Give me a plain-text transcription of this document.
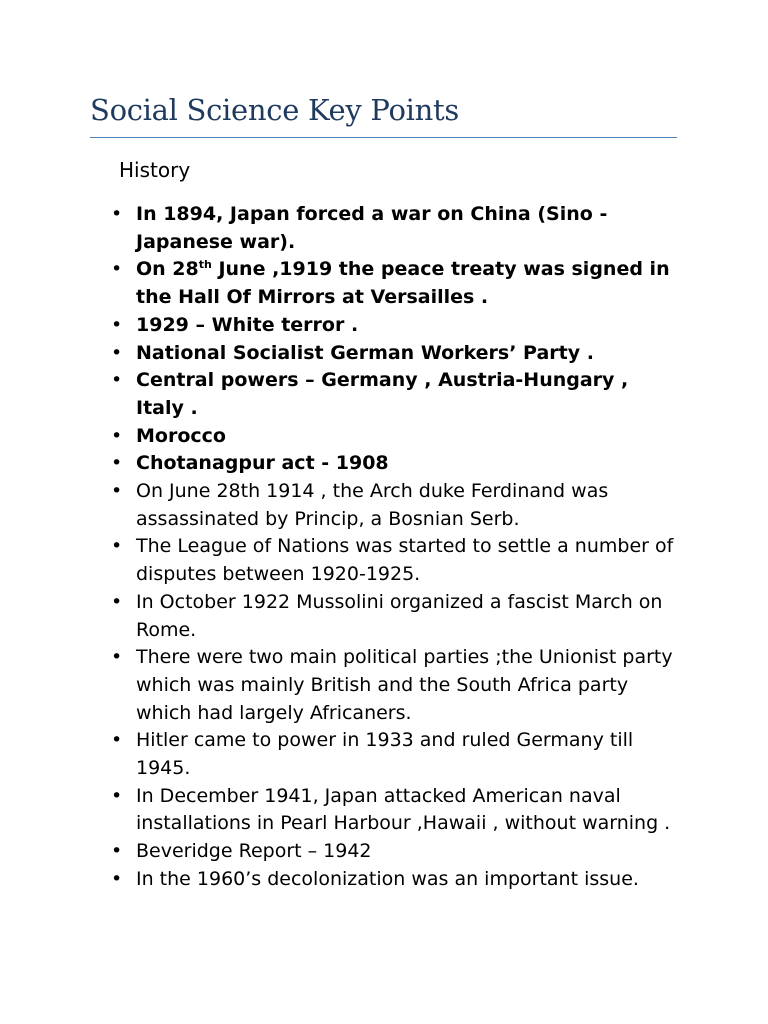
Social Science Key Points
History
• In 1894, Japan forced a war on China (Sino - Japanese war).
• On 28th June ,1919 the peace treaty was signed in the Hall Of Mirrors at Versailles .
• 1929 – White terror .
• National Socialist German Workers’ Party .
• Central powers – Germany , Austria-Hungary , Italy .
• Morocco
• Chotanagpur act - 1908
• On June 28th 1914 , the Arch duke Ferdinand was assassinated by Princip, a Bosnian Serb.
• The League of Nations was started to settle a number of disputes between 1920-1925.
• In October 1922 Mussolini organized a fascist March on Rome.
• There were two main political parties ;the Unionist party which was mainly British and the South Africa party which had largely Africaners.
• Hitler came to power in 1933 and ruled Germany till 1945.
• In December 1941, Japan attacked American naval installations in Pearl Harbour ,Hawaii , without warning .
• Beveridge Report – 1942
• In the 1960’s decolonization was an important issue.
